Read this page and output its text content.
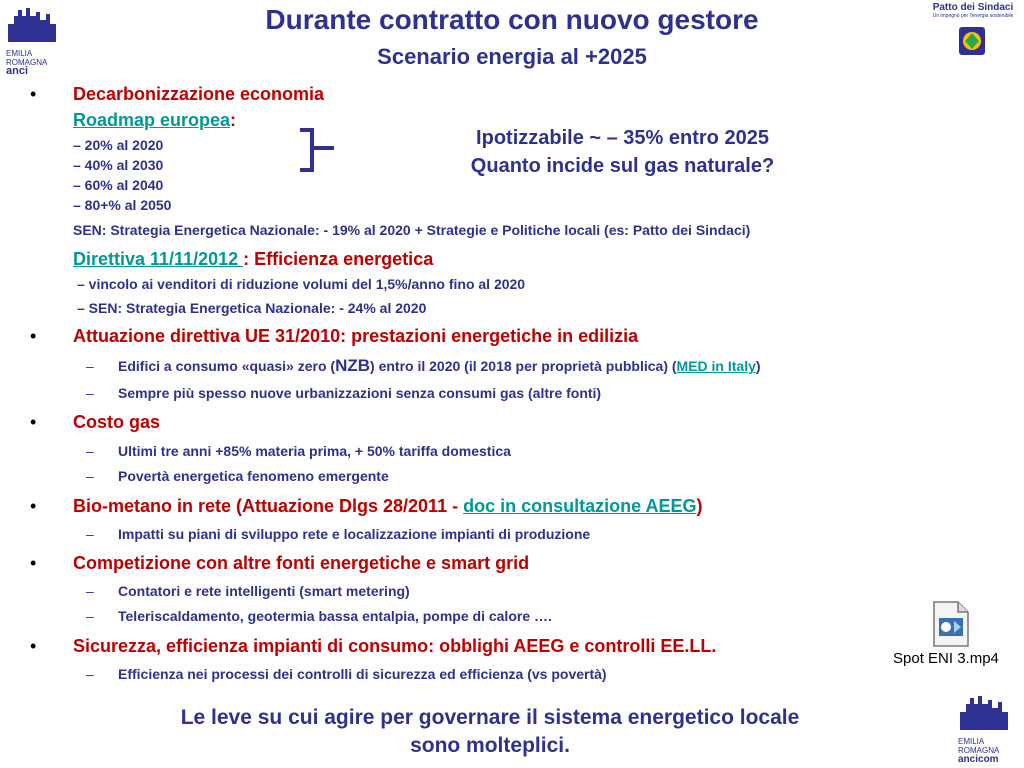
EMILIA
ROMAGNA
anci
Patto dei Sindaci
Un impegno per l'energia sostenibile
Durante contratto con nuovo gestore
Scenario energia al +2025
• Decarbonizzazione economia
Roadmap europea:
– 20% al 2020
– 40% al 2030
– 60% al 2040
– 80+% al 2050
Ipotizzabile ~ – 35% entro 2025
Quanto incide sul gas naturale?
SEN: Strategia Energetica Nazionale: - 19% al 2020 + Strategie e Politiche locali (es: Patto dei Sindaci)
Direttiva 11/11/2012 : Efficienza energetica
– vincolo ai venditori di riduzione volumi del 1,5%/anno fino al 2020
– SEN: Strategia Energetica Nazionale: - 24% al 2020
• Attuazione direttiva UE 31/2010: prestazioni energetiche in edilizia
– Edifici a consumo «quasi» zero (NZB) entro il 2020 (il 2018 per proprietà pubblica) (MED in Italy)
– Sempre più spesso nuove urbanizzazioni senza consumi gas (altre fonti)
• Costo gas
– Ultimi tre anni +85% materia prima, + 50% tariffa domestica
– Povertà energetica fenomeno emergente
• Bio-metano in rete (Attuazione Dlgs 28/2011 - doc in consultazione AEEG)
– Impatti su piani di sviluppo rete e localizzazione impianti di produzione
• Competizione con altre fonti energetiche e smart grid
– Contatori e rete intelligenti (smart metering)
– Teleriscaldamento, geotermia bassa entalpia, pompe di calore ….
• Sicurezza, efficienza impianti di consumo: obblighi AEEG e controlli EE.LL.
– Efficienza nei processi dei controlli di sicurezza ed efficienza (vs povertà)
Spot ENI 3.mp4
Le leve su cui agire per governare il sistema energetico locale
sono molteplici.	EMILIA
ROMAGNA
ancicom
